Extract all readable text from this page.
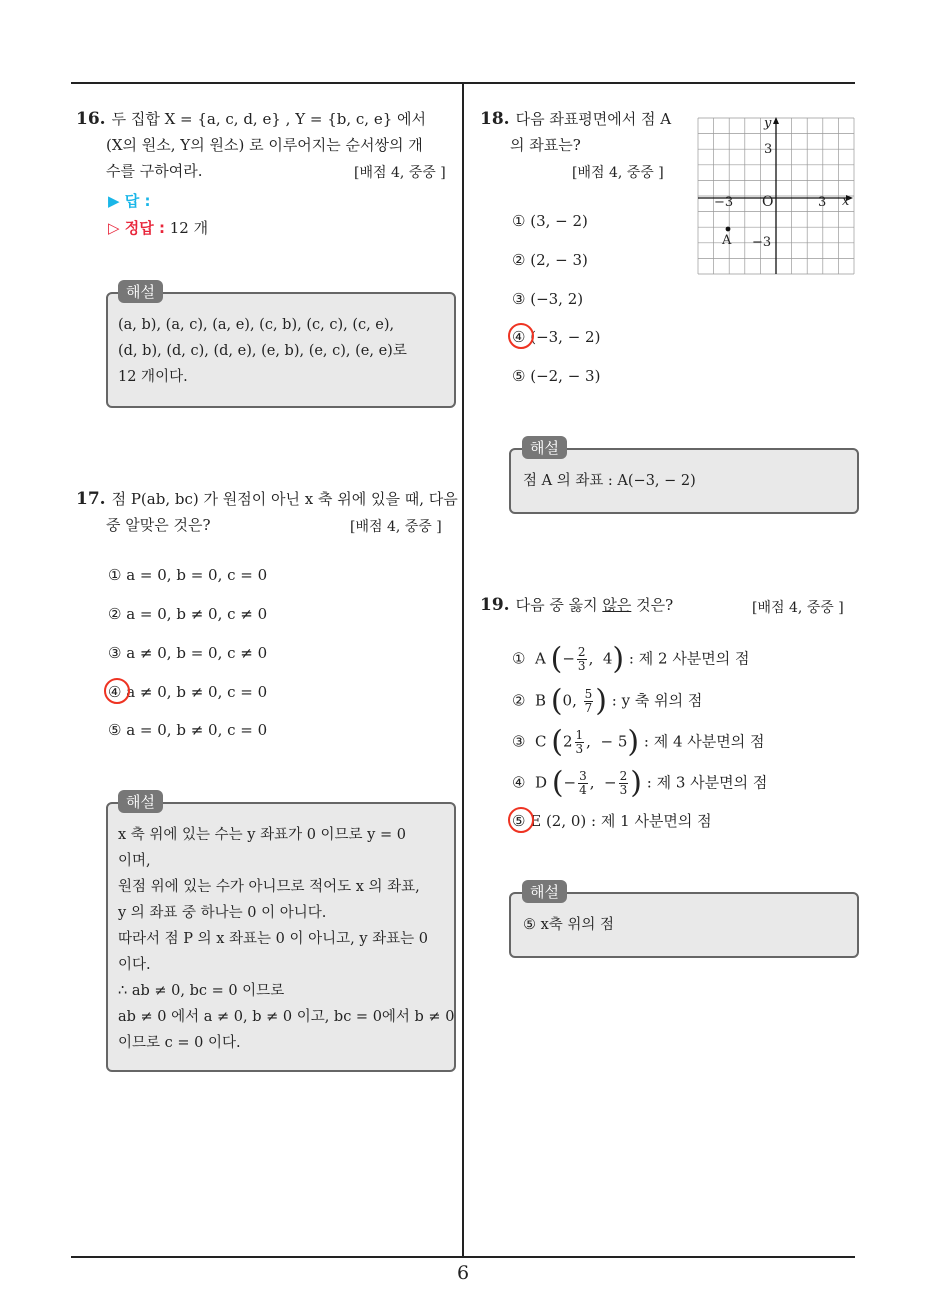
6
16. 두 집합 X = {a, c, d, e} , Y = {b, c, e} 에서
(X의 원소, Y의 원소) 로 이루어지는 순서쌍의 개
수를 구하여라.	[배점 4, 중중 ]
▶ 답 :
▷ 정답 : 12 개
(a, b), (a, c), (a, e), (c, b), (c, c), (c, e),
(d, b), (d, c), (d, e), (e, b), (e, c), (e, e)로
12 개이다.
해설
17. 점 P(ab, bc) 가 원점이 아닌 x 축 위에 있을 때, 다음
중 알맞은 것은?	[배점 4, 중중 ]
① a = 0, b = 0, c = 0
② a = 0, b ≠ 0, c ≠ 0
③ a ≠ 0, b = 0, c ≠ 0
④ a ≠ 0, b ≠ 0, c = 0
⑤ a = 0, b ≠ 0, c = 0
x 축 위에 있는 수는 y 좌표가 0 이므로 y = 0
이며,
원점 위에 있는 수가 아니므로 적어도 x 의 좌표,
y 의 좌표 중 하나는 0 이 아니다.
따라서 점 P 의 x 좌표는 0 이 아니고, y 좌표는 0
이다.
∴ ab ≠ 0, bc = 0 이므로
ab ≠ 0 에서 a ≠ 0, b ≠ 0 이고, bc = 0에서 b ≠ 0
이므로 c = 0 이다.
해설
18. 다음 좌표평면에서 점 A
의 좌표는?
[배점 4, 중중 ]
y
x
O
3
−3
3
−3
A
① (3, − 2)
② (2, − 3)
③ (−3, 2)
④ (−3, − 2)
⑤ (−2, − 3)
점 A 의 좌표 : A(−3, − 2)
해설
19. 다음 중 옳지 않은 것은?	[배점 4, 중중 ]
① A (− $\frac{2}{3}$ ,  4) : 제 2 사분면의 점
② B (0, $\frac{5}{7}$ ) : y 축 위의 점
③ C ($2 \frac{1}{3}$ ,  − 5) : 제 4 사분면의 점
④ D (− $\frac{3}{4}$ ,  − $\frac{2}{3}$ ) : 제 3 사분면의 점
⑤ E (2, 0) : 제 1 사분면의 점
⑤ x축 위의 점
해설
